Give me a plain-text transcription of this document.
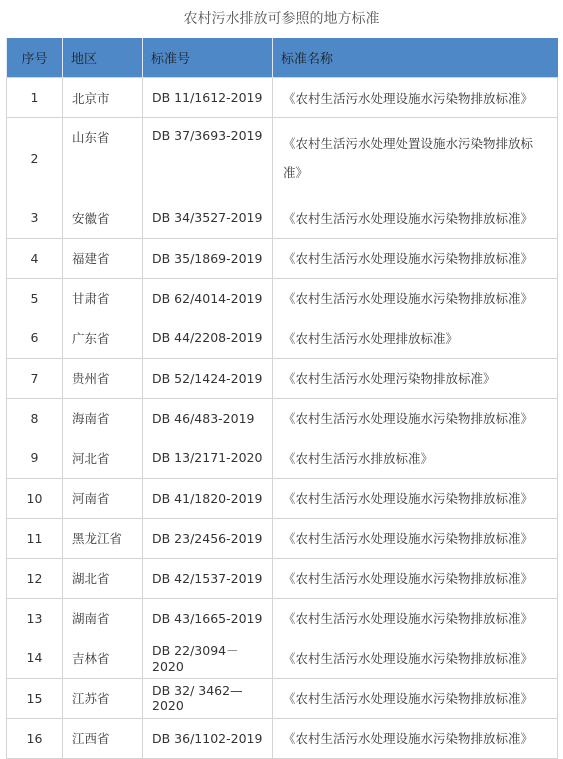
农村污水排放可参照的地方标准
序号	地区	标准号	标准名称
1	北京市	DB 11/1612-2019	《农村生活污水处理设施水污染物排放标准》
2	山东省	DB 37/3693-2019	《农村生活污水处理处置设施水污染物排放标准》
3	安徽省	DB 34/3527-2019	《农村生活污水处理设施水污染物排放标准》
4	福建省	DB 35/1869-2019	《农村生活污水处理设施水污染物排放标准》
5	甘肃省	DB 62/4014-2019	《农村生活污水处理设施水污染物排放标准》
6	广东省	DB 44/2208-2019	《农村生活污水处理排放标准》
7	贵州省	DB 52/1424-2019	《农村生活污水处理污染物排放标准》
8	海南省	DB 46/483-2019	《农村生活污水处理设施水污染物排放标准》
9	河北省	DB 13/2171-2020	《农村生活污水排放标准》
10	河南省	DB 41/1820-2019	《农村生活污水处理设施水污染物排放标准》
11	黑龙江省	DB 23/2456-2019	《农村生活污水处理设施水污染物排放标准》
12	湖北省	DB 42/1537-2019	《农村生活污水处理设施水污染物排放标准》
13	湖南省	DB 43/1665-2019	《农村生活污水处理设施水污染物排放标准》
14	吉林省	DB 22/3094－2020	《农村生活污水处理设施水污染物排放标准》
15	江苏省	DB 32/ 3462—2020	《农村生活污水处理设施水污染物排放标准》
16	江西省	DB 36/1102-2019	《农村生活污水处理设施水污染物排放标准》
